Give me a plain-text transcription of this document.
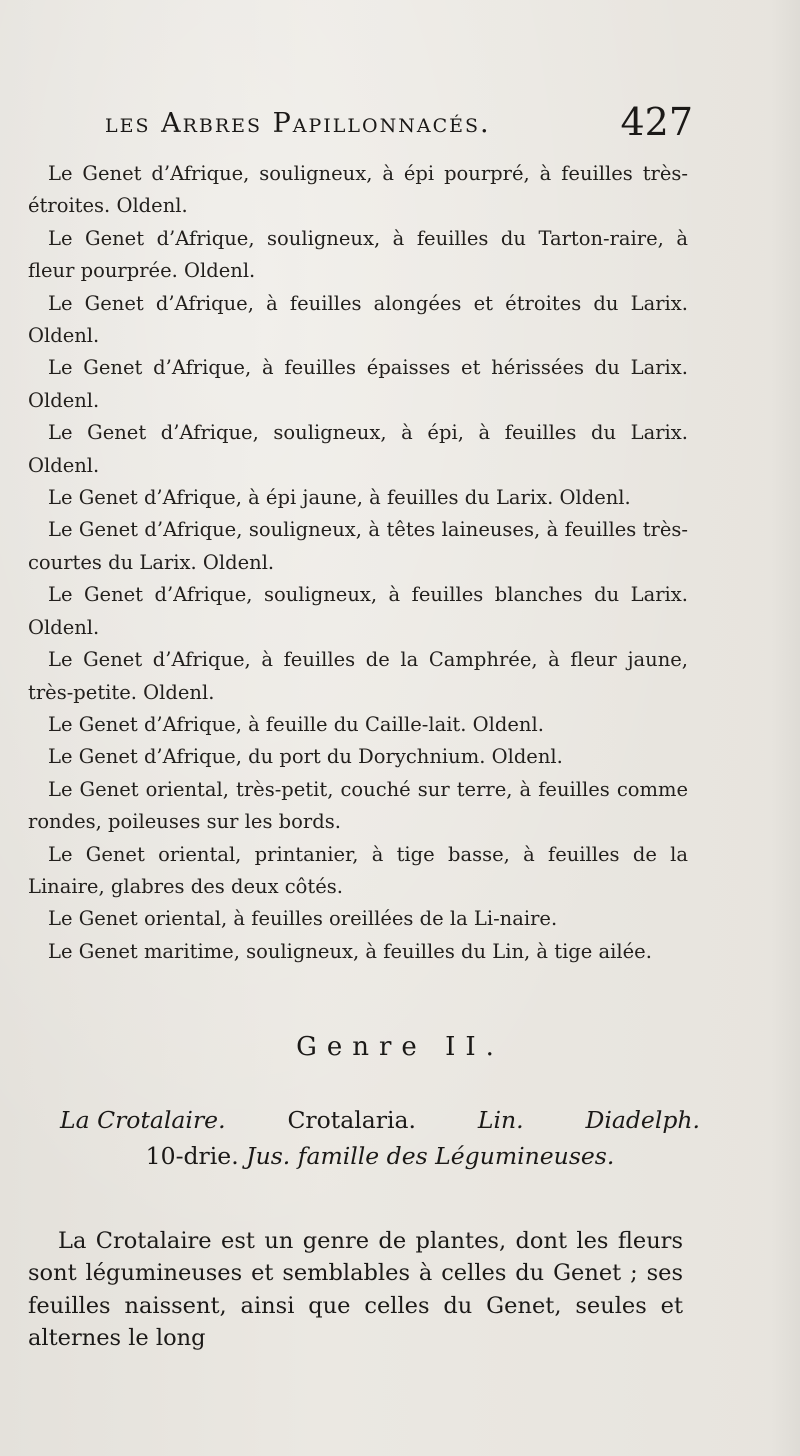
les Arbres Papillonnacés.	427

Le Genet d’Afrique, souligneux, à épi pourpré, à feuilles très-étroites. Oldenl.

Le Genet d’Afrique, souligneux, à feuilles du Tarton-raire, à fleur pourprée. Oldenl.

Le Genet d’Afrique, à feuilles alongées et étroites du Larix. Oldenl.

Le Genet d’Afrique, à feuilles épaisses et hérissées du Larix. Oldenl.

Le Genet d’Afrique, souligneux, à épi, à feuilles du Larix. Oldenl.

Le Genet d’Afrique, à épi jaune, à feuilles du Larix. Oldenl.

Le Genet d’Afrique, souligneux, à têtes laineuses, à feuilles très-courtes du Larix. Oldenl.

Le Genet d’Afrique, souligneux, à feuilles blanches du Larix. Oldenl.

Le Genet d’Afrique, à feuilles de la Camphrée, à fleur jaune, très-petite. Oldenl.

Le Genet d’Afrique, à feuille du Caille-lait. Oldenl.

Le Genet d’Afrique, du port du Dorychnium. Oldenl.

Le Genet oriental, très-petit, couché sur terre, à feuilles comme rondes, poileuses sur les bords.

Le Genet oriental, printanier, à tige basse, à feuilles de la Linaire, glabres des deux côtés.

Le Genet oriental, à feuilles oreillées de la Li-naire.

Le Genet maritime, souligneux, à feuilles du Lin, à tige ailée.

Genre II.
La Crotalaire.	Crotalaria.	Lin.	Diadelph.
10-drie. Jus. famille des Légumineuses.

La Crotalaire est un genre de plantes, dont les fleurs sont légumineuses et semblables à celles du Genet ; ses feuilles naissent, ainsi que celles du Genet, seules et alternes le long
